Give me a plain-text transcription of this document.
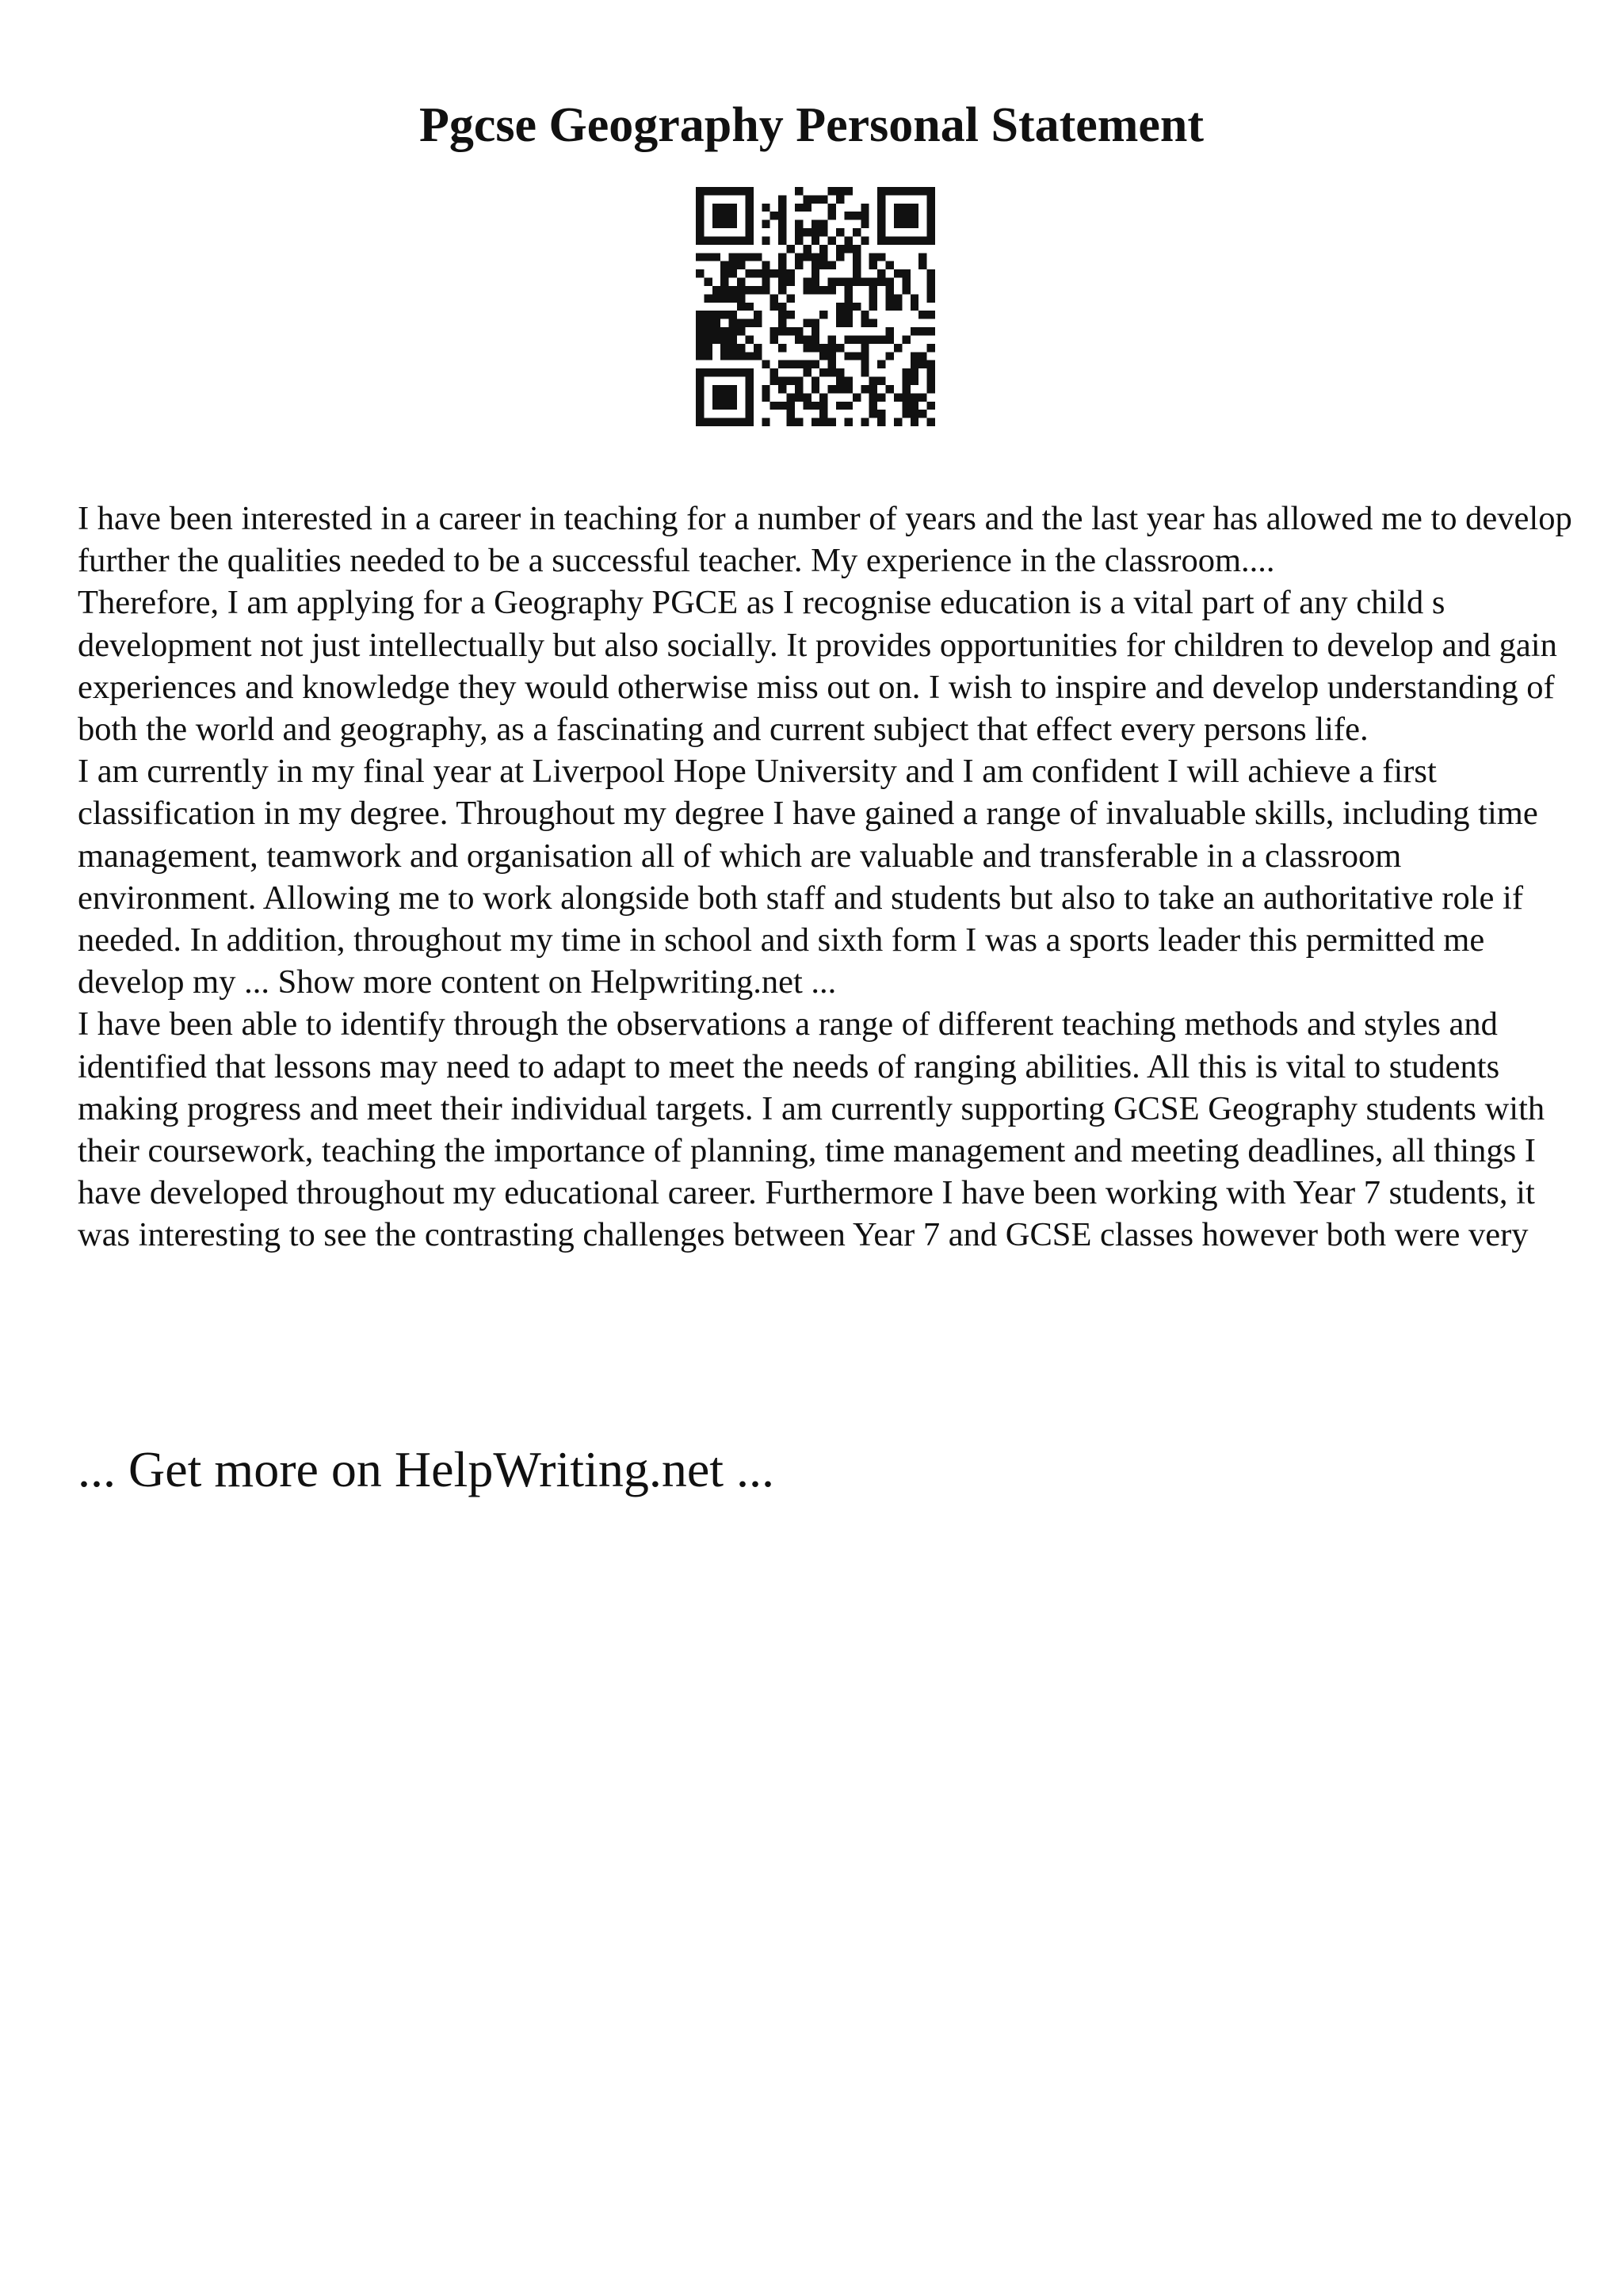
Pgcse Geography Personal Statement

I have been interested in a career in teaching for a number of years and the last year has allowed me to develop further the qualities needed to be a successful teacher. My experience in the classroom....

Therefore, I am applying for a Geography PGCE as I recognise education is a vital part of any child s development not just intellectually but also socially. It provides opportunities for children to develop and gain experiences and knowledge they would otherwise miss out on. I wish to inspire and develop understanding of both the world and geography, as a fascinating and current subject that effect every persons life.

I am currently in my final year at Liverpool Hope University and I am confident I will achieve a first classification in my degree. Throughout my degree I have gained a range of invaluable skills, including time management, teamwork and organisation all of which are valuable and transferable in a classroom environment. Allowing me to work alongside both staff and students but also to take an authoritative role if needed. In addition, throughout my time in school and sixth form I was a sports leader this permitted me develop my ... Show more content on Helpwriting.net ...

I have been able to identify through the observations a range of different teaching methods and styles and identified that lessons may need to adapt to meet the needs of ranging abilities. All this is vital to students making progress and meet their individual targets. I am currently supporting GCSE Geography students with their coursework, teaching the importance of planning, time management and meeting deadlines, all things I have developed throughout my educational career. Furthermore I have been working with Year 7 students, it was interesting to see the contrasting challenges between Year 7 and GCSE classes however both were very

... Get more on HelpWriting.net ...
